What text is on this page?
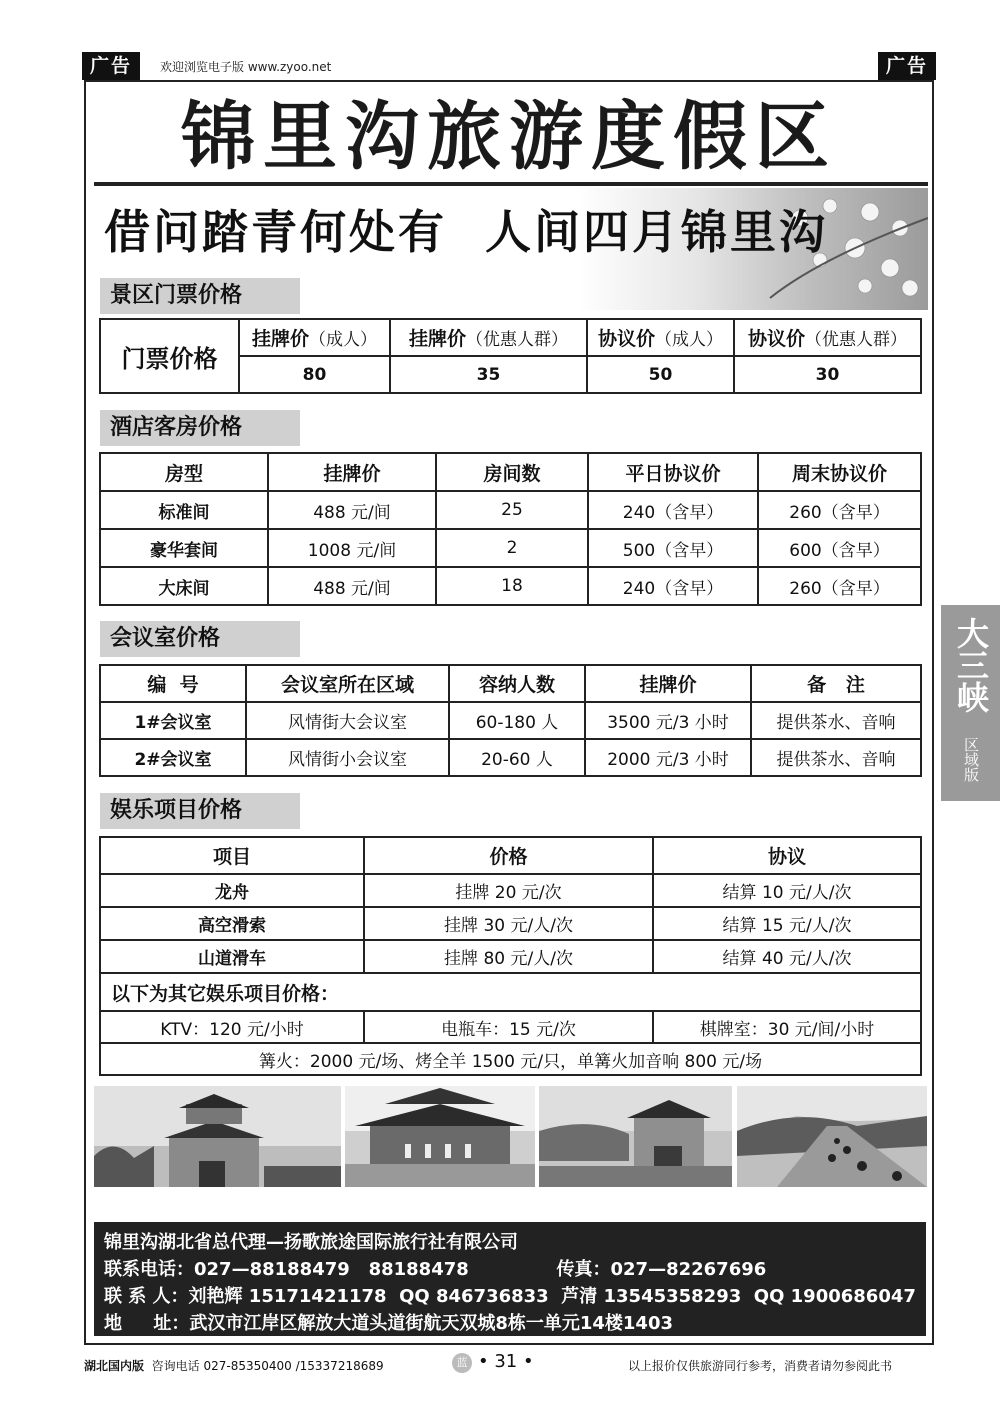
广告	欢迎浏览电子版 www.zyoo.net	广告
锦里沟旅游度假区
借问踏青何处有  人间四月锦里沟
景区门票价格
门票价格	挂牌价（成人）	挂牌价（优惠人群）	协议价（成人）	协议价（优惠人群）
	80	35	50	30
酒店客房价格
房型	挂牌价	房间数	平日协议价	周末协议价
标准间	488 元/间	25	240（含早）	260（含早）
豪华套间	1008 元/间	2	500（含早）	600（含早）
大床间	488 元/间	18	240（含早）	260（含早）
会议室价格
编  号	会议室所在区域	容纳人数	挂牌价	备   注
1#会议室	风情街大会议室	60-180 人	3500 元/3 小时	提供茶水、音响
2#会议室	风情街小会议室	20-60 人	2000 元/3 小时	提供茶水、音响
娱乐项目价格
项目	价格	协议
龙舟	挂牌 20 元/次	结算 10 元/人/次
高空滑索	挂牌 30 元/人/次	结算 15 元/人/次
山道滑车	挂牌 80 元/人/次	结算 40 元/人/次
以下为其它娱乐项目价格：		
KTV：120 元/小时	电瓶车：15 元/次	棋牌室：30 元/间/小时
篝火：2000 元/场、烤全羊 1500 元/只，单篝火加音响 800 元/场		
大三峡
区域版
锦里沟湖北省总代理—扬歌旅途国际旅行社有限公司
联系电话：027—88188479   88188478              传真：027—82267696
联 系 人：刘艳辉 15171421178  QQ 846736833  芦清 13545358293  QQ 1900686047
地     址：武汉市江岸区解放大道头道街航天双城8栋一单元14楼1403
湖北国内版 咨询电话 027-85350400 /15337218689	蓝 • 31 •	以上报价仅供旅游同行参考，消费者请勿参阅此书
